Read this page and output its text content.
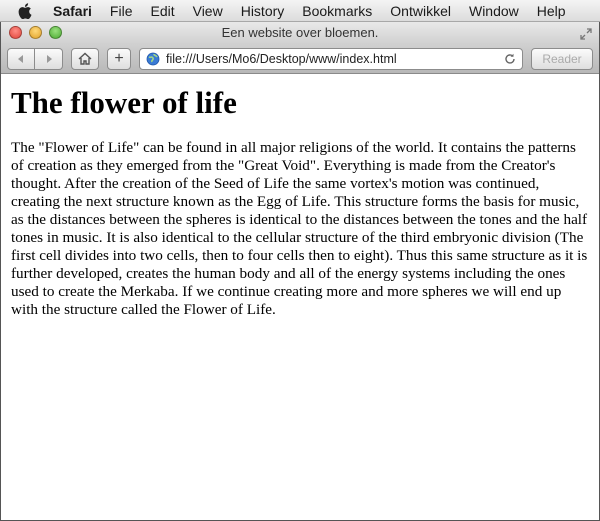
Safari	File	Edit	View	History	Bookmarks	Ontwikkel	Window	Help
Een website over bloemen.
+
file:///Users/Mo6/Desktop/www/index.html	Reader
The flower of life

The "Flower of Life" can be found in all major religions of the world. It contains the patterns of creation as they emerged from the "Great Void". Everything is made from the Creator's thought. After the creation of the Seed of Life the same vortex's motion was continued, creating the next structure known as the Egg of Life. This structure forms the basis for music, as the distances between the spheres is identical to the distances between the tones and the half tones in music. It is also identical to the cellular structure of the third embryonic division (The first cell divides into two cells, then to four cells then to eight). Thus this same structure as it is further developed, creates the human body and all of the energy systems including the ones used to create the Merkaba. If we continue creating more and more spheres we will end up with the structure called the Flower of Life.
